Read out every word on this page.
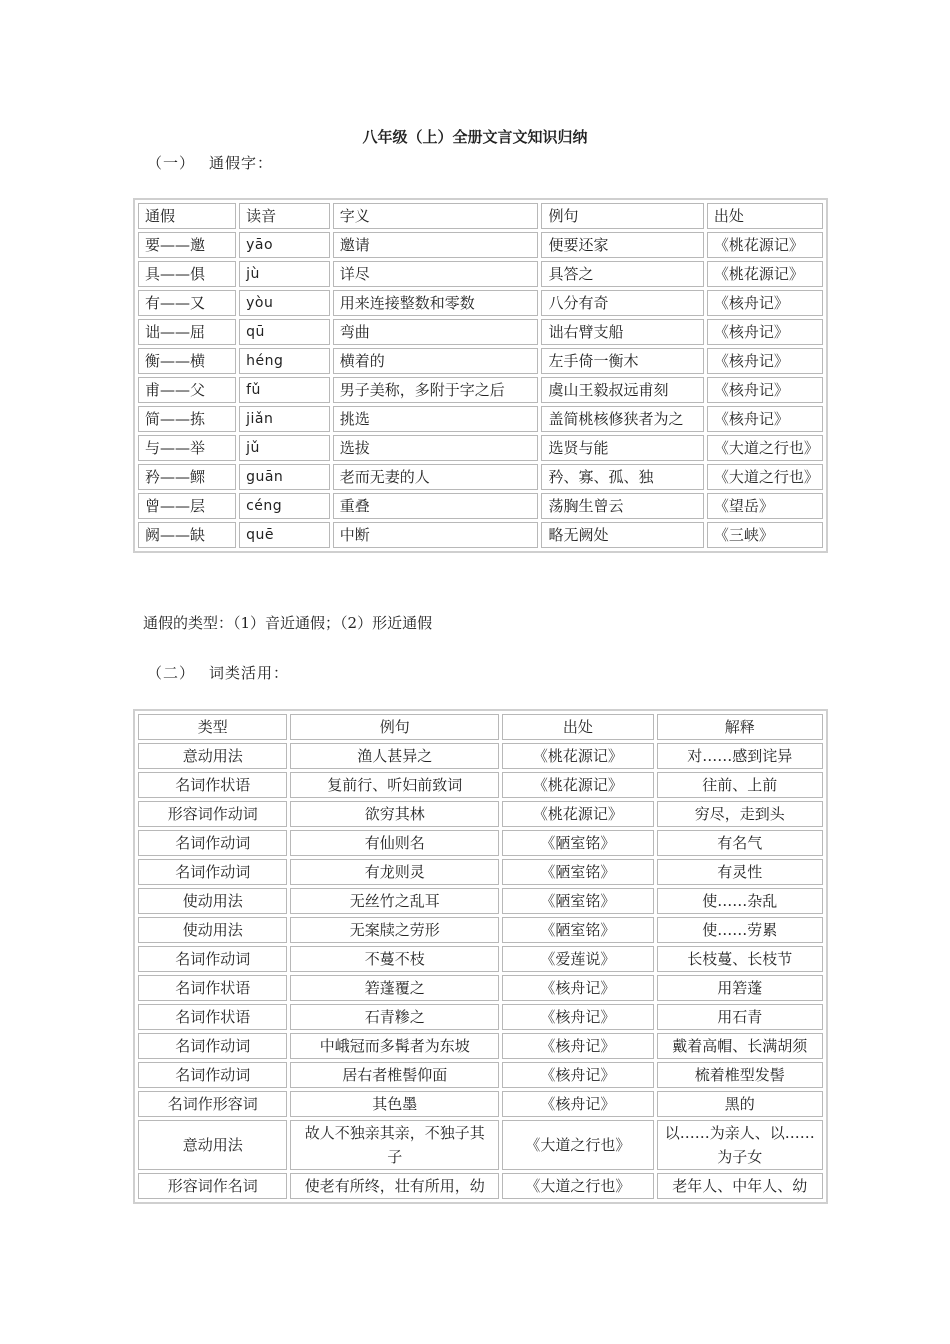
八年级（上）全册文言文知识归纳
（一） 通假字：
通假	读音	字义	例句	出处
要——邀	yāo	邀请	便要还家	《桃花源记》
具——俱	jù	详尽	具答之	《桃花源记》
有——又	yòu	用来连接整数和零数	八分有奇	《核舟记》
诎——屈	qū	弯曲	诎右臂支船	《核舟记》
衡——横	héng	横着的	左手倚一衡木	《核舟记》
甫——父	fǔ	男子美称，多附于字之后	虞山王毅叔远甫刻	《核舟记》
简——拣	jiǎn	挑选	盖简桃核修狭者为之	《核舟记》
与——举	jǔ	选拔	选贤与能	《大道之行也》
矜——鳏	guān	老而无妻的人	矜、寡、孤、独	《大道之行也》
曾——层	céng	重叠	荡胸生曾云	《望岳》
阙——缺	quē	中断	略无阙处	《三峡》
通假的类型：（1）音近通假；（2）形近通假
（二） 词类活用：
类型	例句	出处	解释
意动用法	渔人甚异之	《桃花源记》	对……感到诧异
名词作状语	复前行、听妇前致词	《桃花源记》	往前、上前
形容词作动词	欲穷其林	《桃花源记》	穷尽，走到头
名词作动词	有仙则名	《陋室铭》	有名气
名词作动词	有龙则灵	《陋室铭》	有灵性
使动用法	无丝竹之乱耳	《陋室铭》	使……杂乱
使动用法	无案牍之劳形	《陋室铭》	使……劳累
名词作动词	不蔓不枝	《爱莲说》	长枝蔓、长枝节
名词作状语	箬蓬覆之	《核舟记》	用箬蓬
名词作状语	石青糁之	《核舟记》	用石青
名词作动词	中峨冠而多髯者为东坡	《核舟记》	戴着高帽、长满胡须
名词作动词	居右者椎髻仰面	《核舟记》	梳着椎型发髻
名词作形容词	其色墨	《核舟记》	黑的
意动用法	故人不独亲其亲，不独子其子	《大道之行也》	以……为亲人、以……为子女
形容词作名词	使老有所终，壮有所用，幼	《大道之行也》	老年人、中年人、幼
